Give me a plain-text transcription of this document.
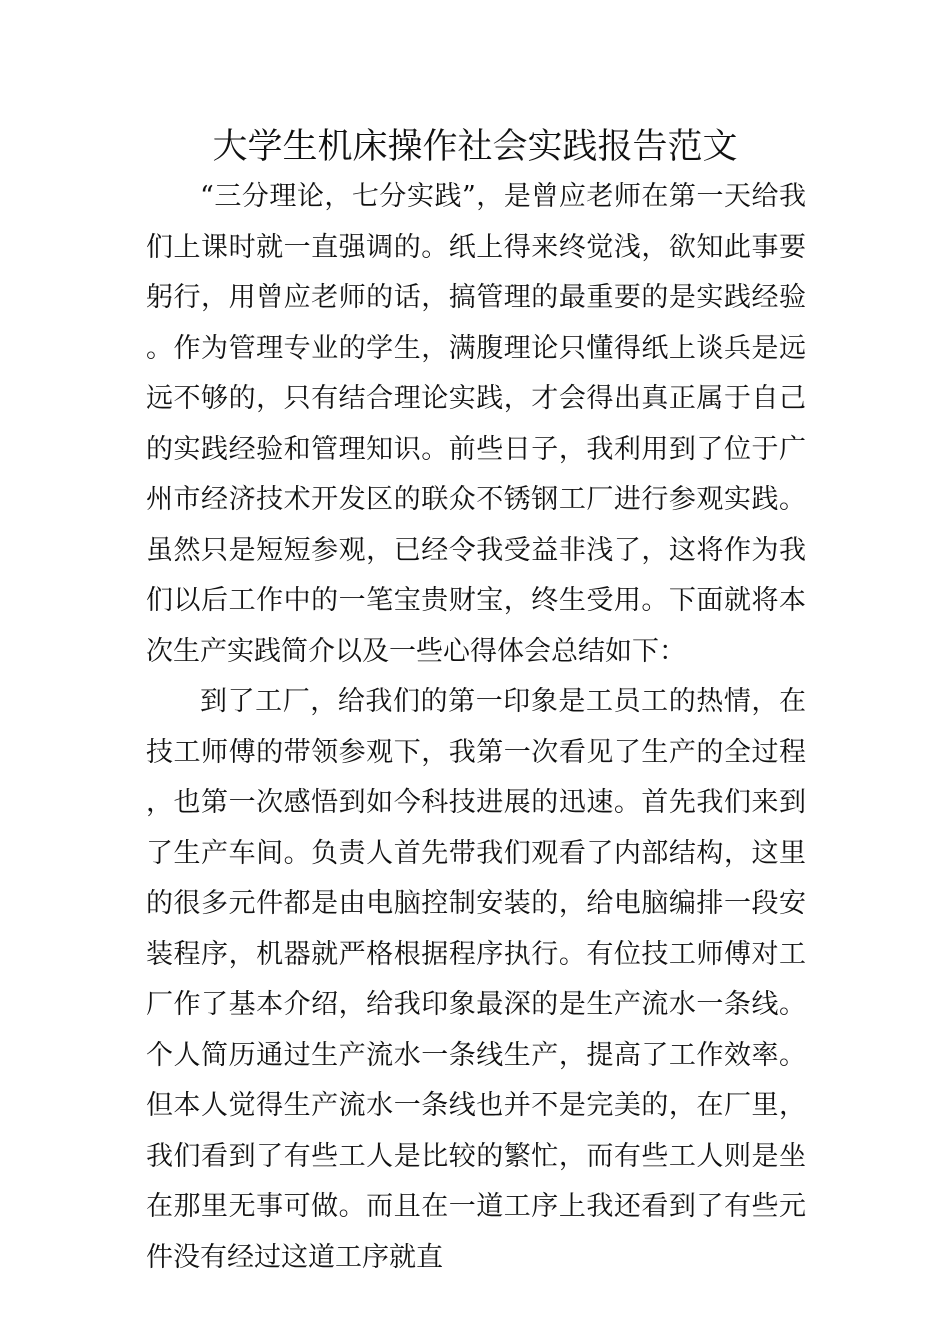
大学生机床操作社会实践报告范文

“三分理论，七分实践”，是曾应老师在第一天给我们上课时就一直强调的。纸上得来终觉浅，欲知此事要躬行，用曾应老师的话，搞管理的最重要的是实践经验。作为管理专业的学生，满腹理论只懂得纸上谈兵是远远不够的，只有结合理论实践，才会得出真正属于自己的实践经验和管理知识。前些日子，我利用到了位于广州市经济技术开发区的联众不锈钢工厂进行参观实践。虽然只是短短参观，已经令我受益非浅了，这将作为我们以后工作中的一笔宝贵财宝，终生受用。下面就将本次生产实践简介以及一些心得体会总结如下：

到了工厂，给我们的第一印象是工员工的热情，在技工师傅的带领参观下，我第一次看见了生产的全过程，也第一次感悟到如今科技进展的迅速。首先我们来到了生产车间。负责人首先带我们观看了内部结构，这里的很多元件都是由电脑控制安装的，给电脑编排一段安装程序，机器就严格根据程序执行。有位技工师傅对工厂作了基本介绍，给我印象最深的是生产流水一条线。个人简历通过生产流水一条线生产，提高了工作效率。但本人觉得生产流水一条线也并不是完美的，在厂里，我们看到了有些工人是比较的繁忙，而有些工人则是坐在那里无事可做。而且在一道工序上我还看到了有些元件没有经过这道工序就直
